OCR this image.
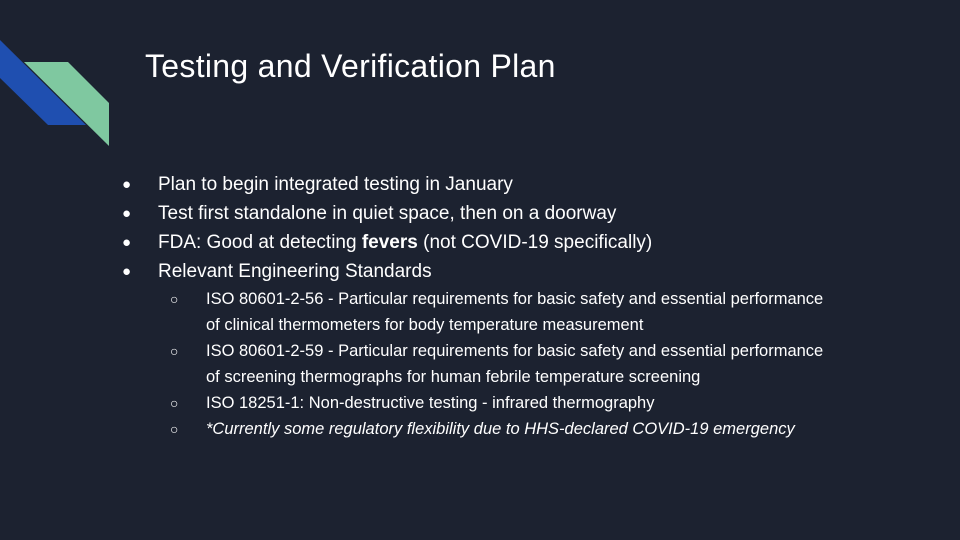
Testing and Verification Plan
● Plan to begin integrated testing in January
● Test first standalone in quiet space, then on a doorway
● FDA: Good at detecting fevers (not COVID-19 specifically)
● Relevant Engineering Standards
○ ISO 80601-2-56 - Particular requirements for basic safety and essential performance of clinical thermometers for body temperature measurement
○ ISO 80601-2-59 - Particular requirements for basic safety and essential performance of screening thermographs for human febrile temperature screening
○ ISO 18251-1: Non-destructive testing - infrared thermography
○ *Currently some regulatory flexibility due to HHS-declared COVID-19 emergency
